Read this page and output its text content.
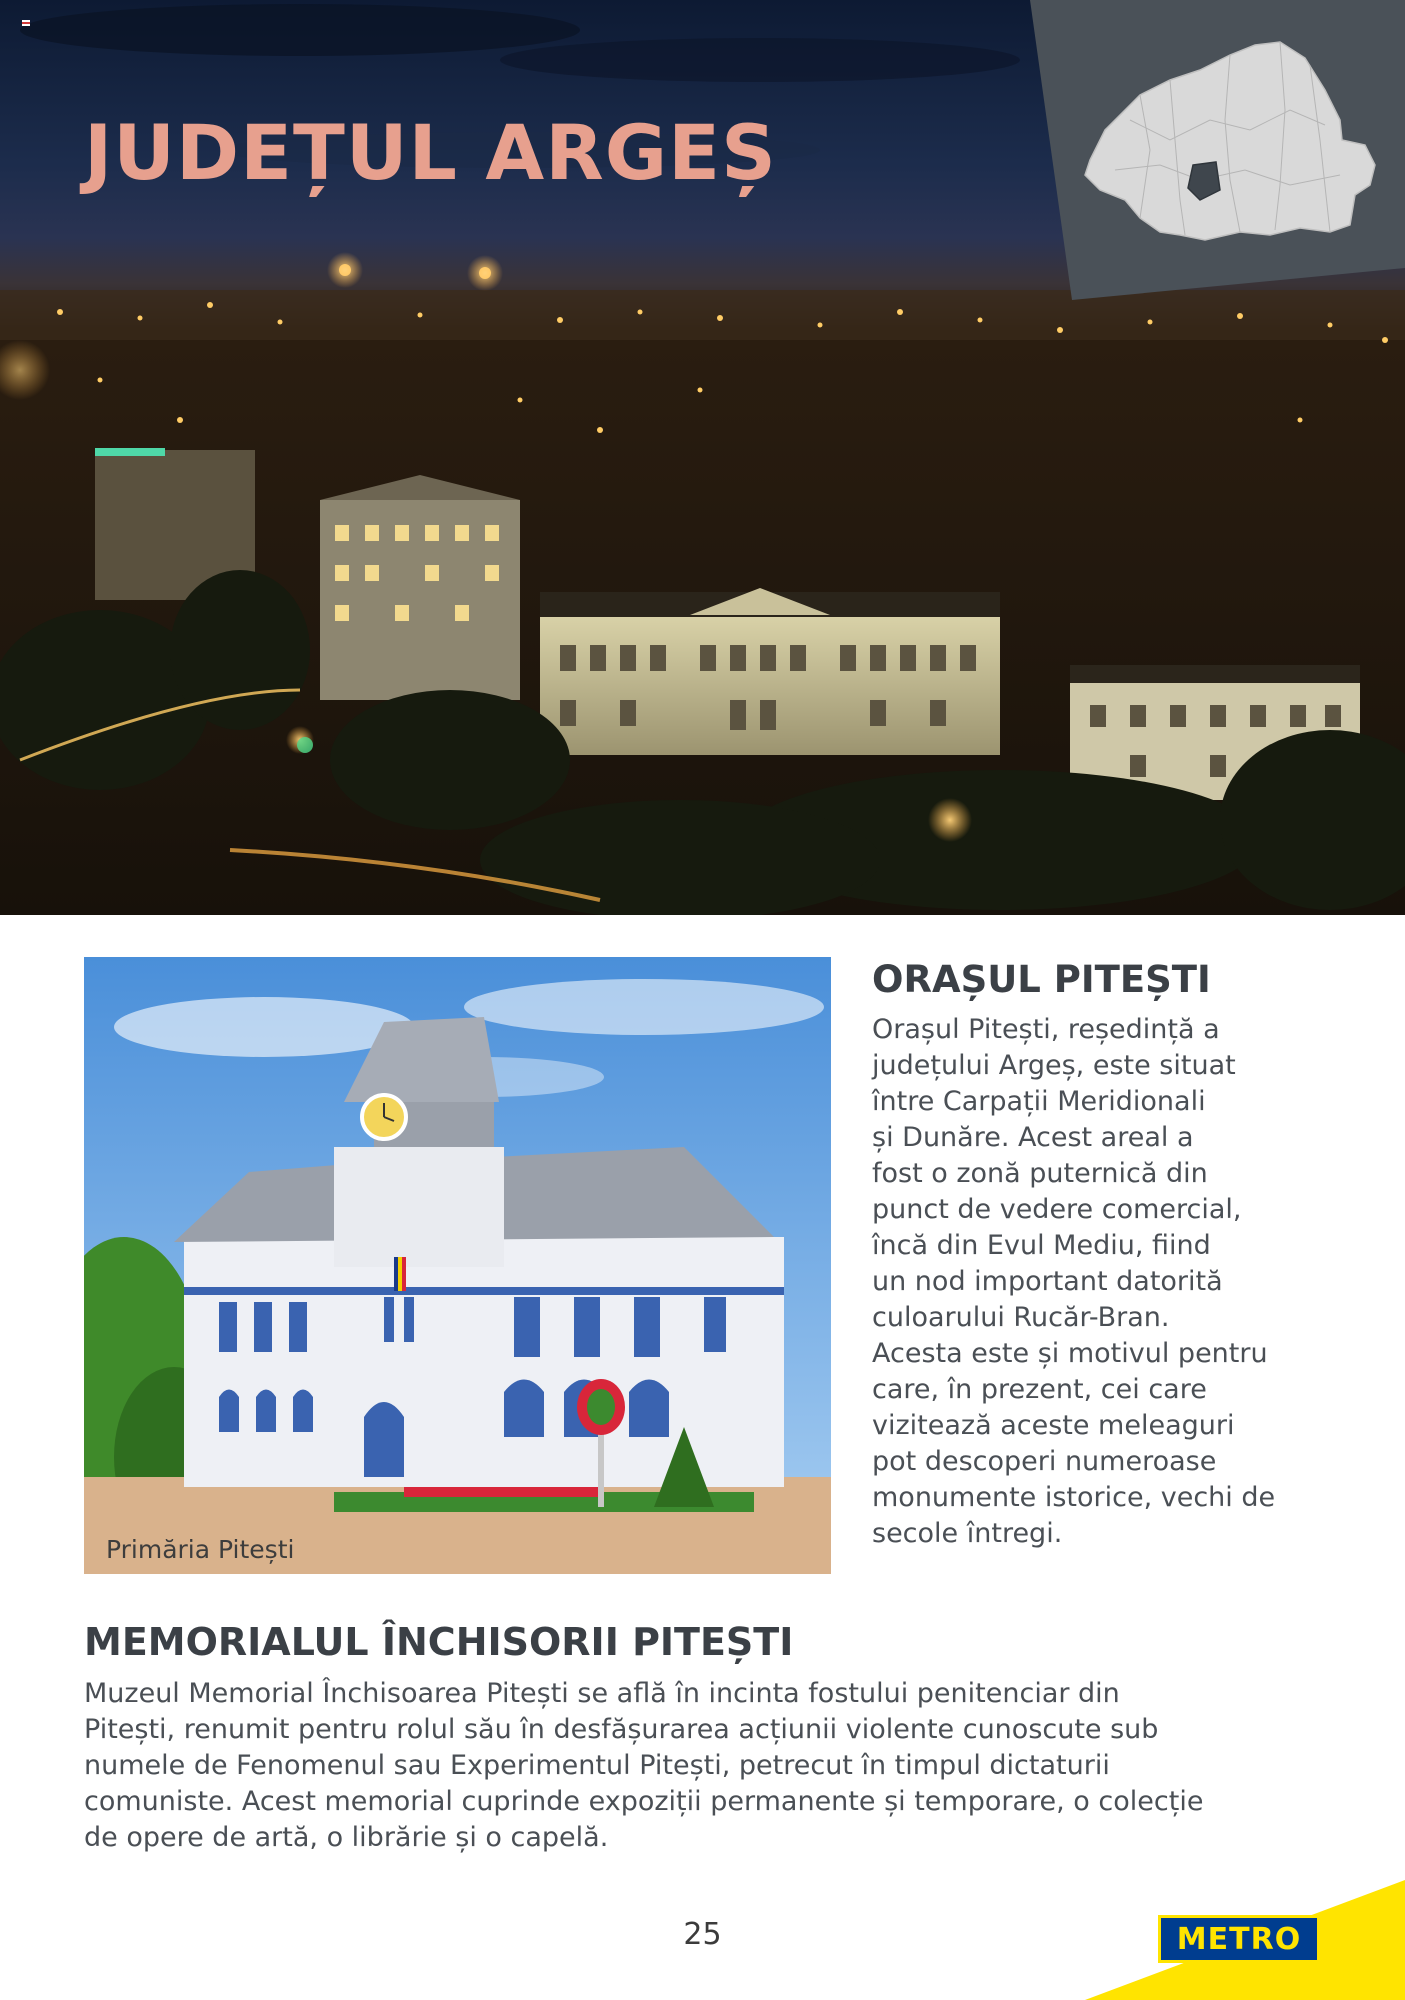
JUDEȚUL ARGEȘ

Primăria Pitești

ORAȘUL PITEȘTI

Orașul Pitești, reședință a
județului Argeș, este situat
între Carpații Meridionali
și Dunăre. Acest areal a
fost o zonă puternică din
punct de vedere comercial,
încă din Evul Mediu, fiind
un nod important datorită
culoarului Rucăr-Bran.
Acesta este și motivul pentru
care, în prezent, cei care
vizitează aceste meleaguri
pot descoperi numeroase
monumente istorice, vechi de
secole întregi.

MEMORIALUL ÎNCHISORII PITEȘTI

Muzeul Memorial Închisoarea Pitești se află în incinta fostului penitenciar din
Pitești, renumit pentru rolul său în desfășurarea acțiunii violente cunoscute sub
numele de Fenomenul sau Experimentul Pitești, petrecut în timpul dictaturii
comuniste. Acest memorial cuprinde expoziții permanente și temporare, o colecție
de opere de artă, o librărie și o capelă.

25	METRO
